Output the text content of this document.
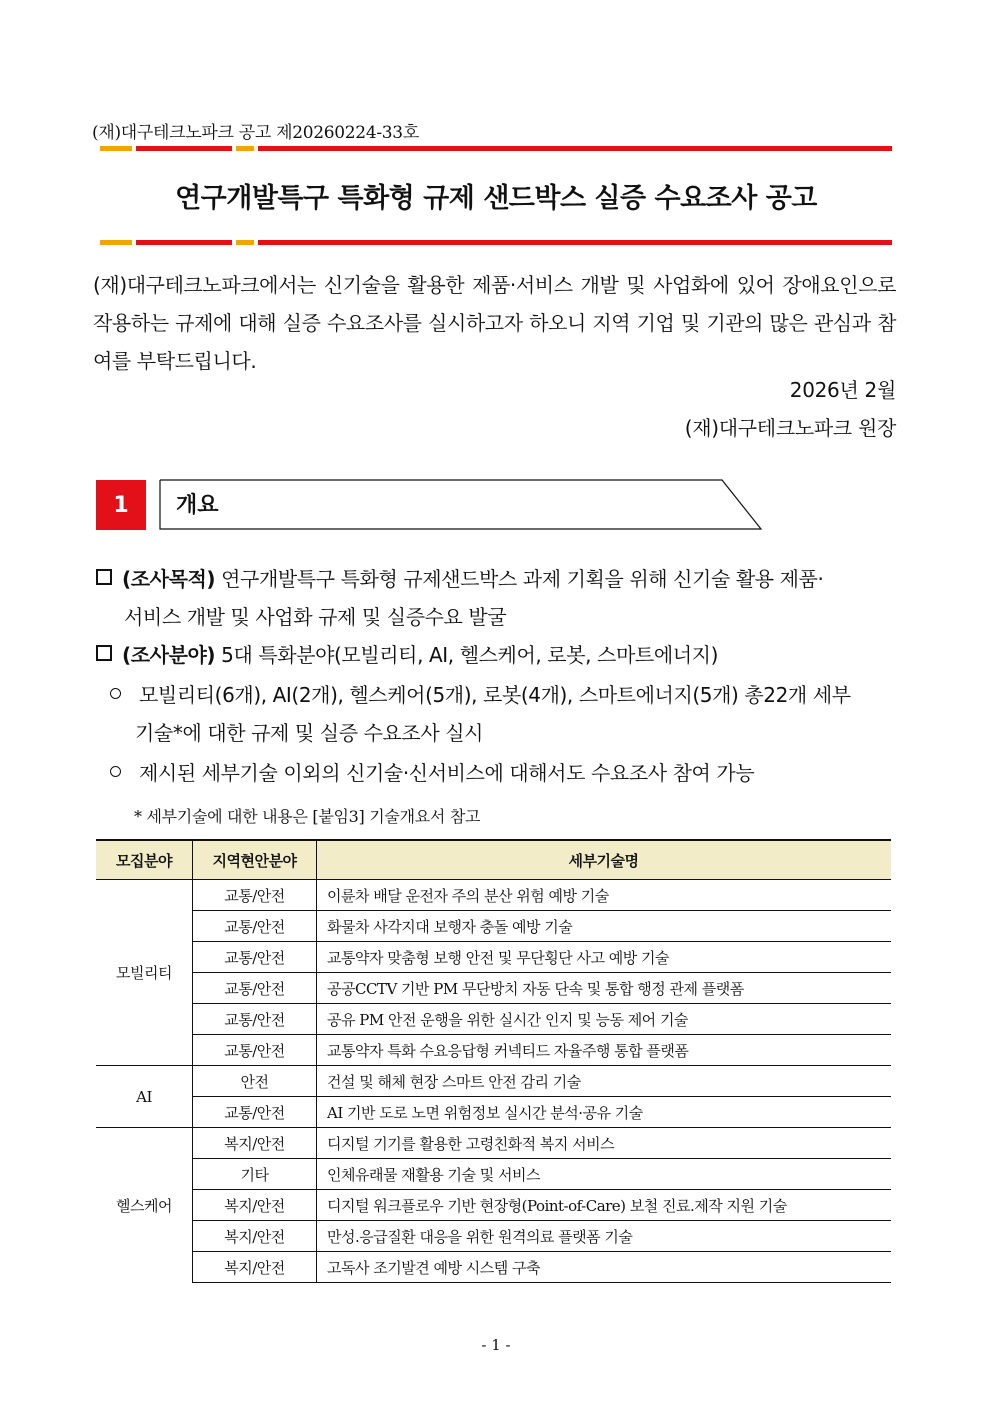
(재)대구테크노파크 공고 제20260224-33호
연구개발특구 특화형 규제 샌드박스 실증 수요조사 공고
(재)대구테크노파크에서는 신기술을 활용한 제품·서비스 개발 및 사업화에 있어 장애요인으로 작용하는 규제에 대해 실증 수요조사를 실시하고자 하오니 지역 기업 및 기관의 많은 관심과 참여를 부탁드립니다.
2026년 2월
(재)대구테크노파크 원장
1	개요
(조사목적) 연구개발특구 특화형 규제샌드박스 과제 기획을 위해 신기술 활용 제품·
서비스 개발 및 사업화 규제 및 실증수요 발굴
(조사분야) 5대 특화분야(모빌리티, AI, 헬스케어, 로봇, 스마트에너지)
모빌리티(6개), AI(2개), 헬스케어(5개), 로봇(4개), 스마트에너지(5개) 총22개 세부
기술*에 대한 규제 및 실증 수요조사 실시
제시된 세부기술 이외의 신기술·신서비스에 대해서도 수요조사 참여 가능
* 세부기술에 대한 내용은 [붙임3] 기술개요서 참고
모집분야	지역현안분야	세부기술명
모빌리티	교통/안전	이륜차 배달 운전자 주의 분산 위험 예방 기술
	교통/안전	화물차 사각지대 보행자 충돌 예방 기술
	교통/안전	교통약자 맞춤형 보행 안전 및 무단횡단 사고 예방 기술
	교통/안전	공공CCTV 기반 PM 무단방치 자동 단속 및 통합 행정 관제 플랫폼
	교통/안전	공유 PM 안전 운행을 위한 실시간 인지 및 능동 제어 기술
	교통/안전	교통약자 특화 수요응답형 커넥티드 자율주행 통합 플랫폼
AI	안전	건설 및 해체 현장 스마트 안전 감리 기술
	교통/안전	AI 기반 도로 노면 위험정보 실시간 분석·공유 기술
헬스케어	복지/안전	디지털 기기를 활용한 고령친화적 복지 서비스
	기타	인체유래물 재활용 기술 및 서비스
	복지/안전	디지털 워크플로우 기반 현장형(Point-of-Care) 보철 진료.제작 지원 기술
	복지/안전	만성.응급질환 대응을 위한 원격의료 플랫폼 기술
	복지/안전	고독사 조기발견 예방 시스템 구축
- 1 -
